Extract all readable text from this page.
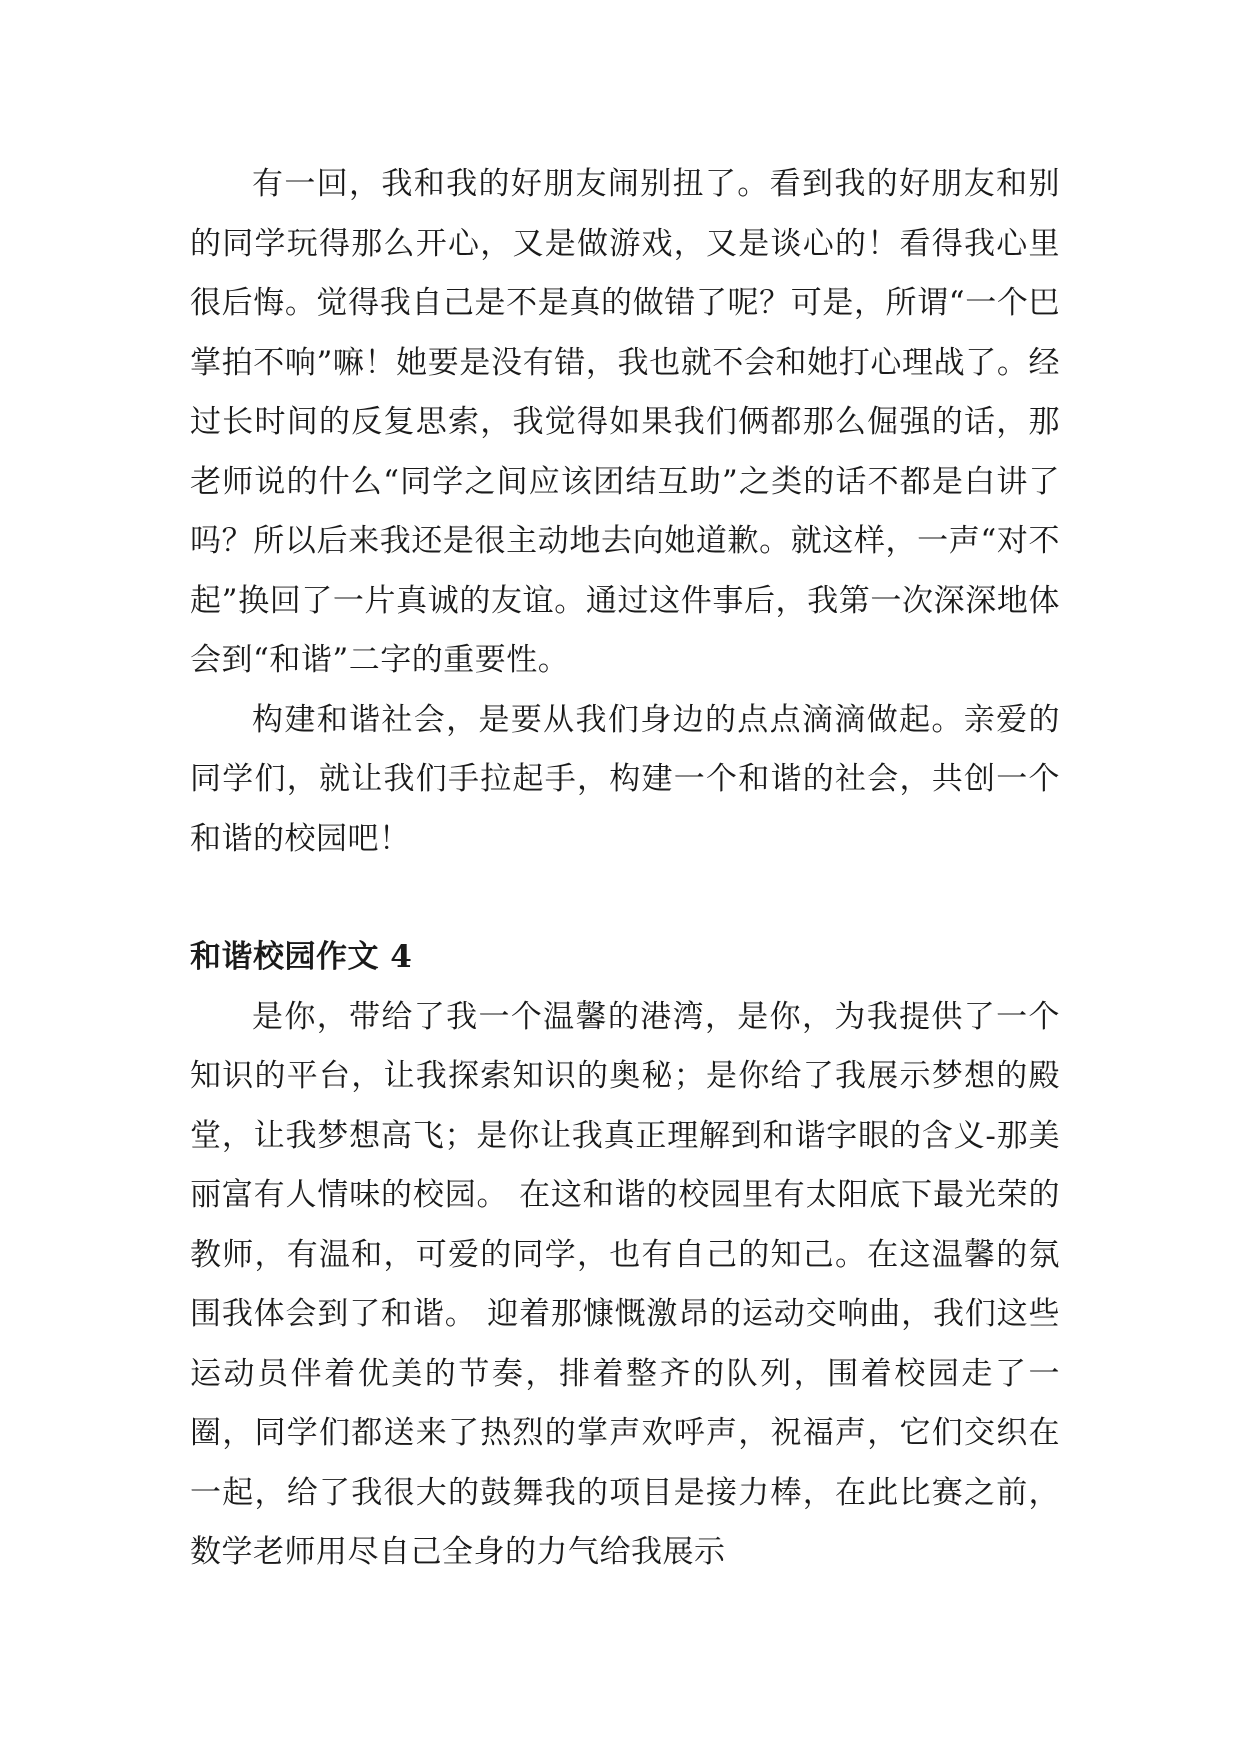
有一回，我和我的好朋友闹别扭了。看到我的好朋友和别的同学玩得那么开心，又是做游戏，又是谈心的！看得我心里很后悔。觉得我自己是不是真的做错了呢？可是，所谓“一个巴掌拍不响”嘛！她要是没有错，我也就不会和她打心理战了。经过长时间的反复思索，我觉得如果我们俩都那么倔强的话，那老师说的什么“同学之间应该团结互助”之类的话不都是白讲了吗？所以后来我还是很主动地去向她道歉。就这样，一声“对不起”换回了一片真诚的友谊。通过这件事后，我第一次深深地体会到“和谐”二字的重要性。

构建和谐社会，是要从我们身边的点点滴滴做起。亲爱的同学们，就让我们手拉起手，构建一个和谐的社会，共创一个和谐的校园吧！

和谐校园作文 4

是你，带给了我一个温馨的港湾，是你，为我提供了一个知识的平台，让我探索知识的奥秘；是你给了我展示梦想的殿堂，让我梦想高飞；是你让我真正理解到和谐字眼的含义-那美丽富有人情味的校园。 在这和谐的校园里有太阳底下最光荣的教师，有温和，可爱的同学，也有自己的知己。在这温馨的氛围我体会到了和谐。 迎着那慷慨激昂的运动交响曲，我们这些运动员伴着优美的节奏，排着整齐的队列，围着校园走了一圈，同学们都送来了热烈的掌声欢呼声，祝福声，它们交织在一起，给了我很大的鼓舞我的项目是接力棒，在此比赛之前，数学老师用尽自己全身的力气给我展示
